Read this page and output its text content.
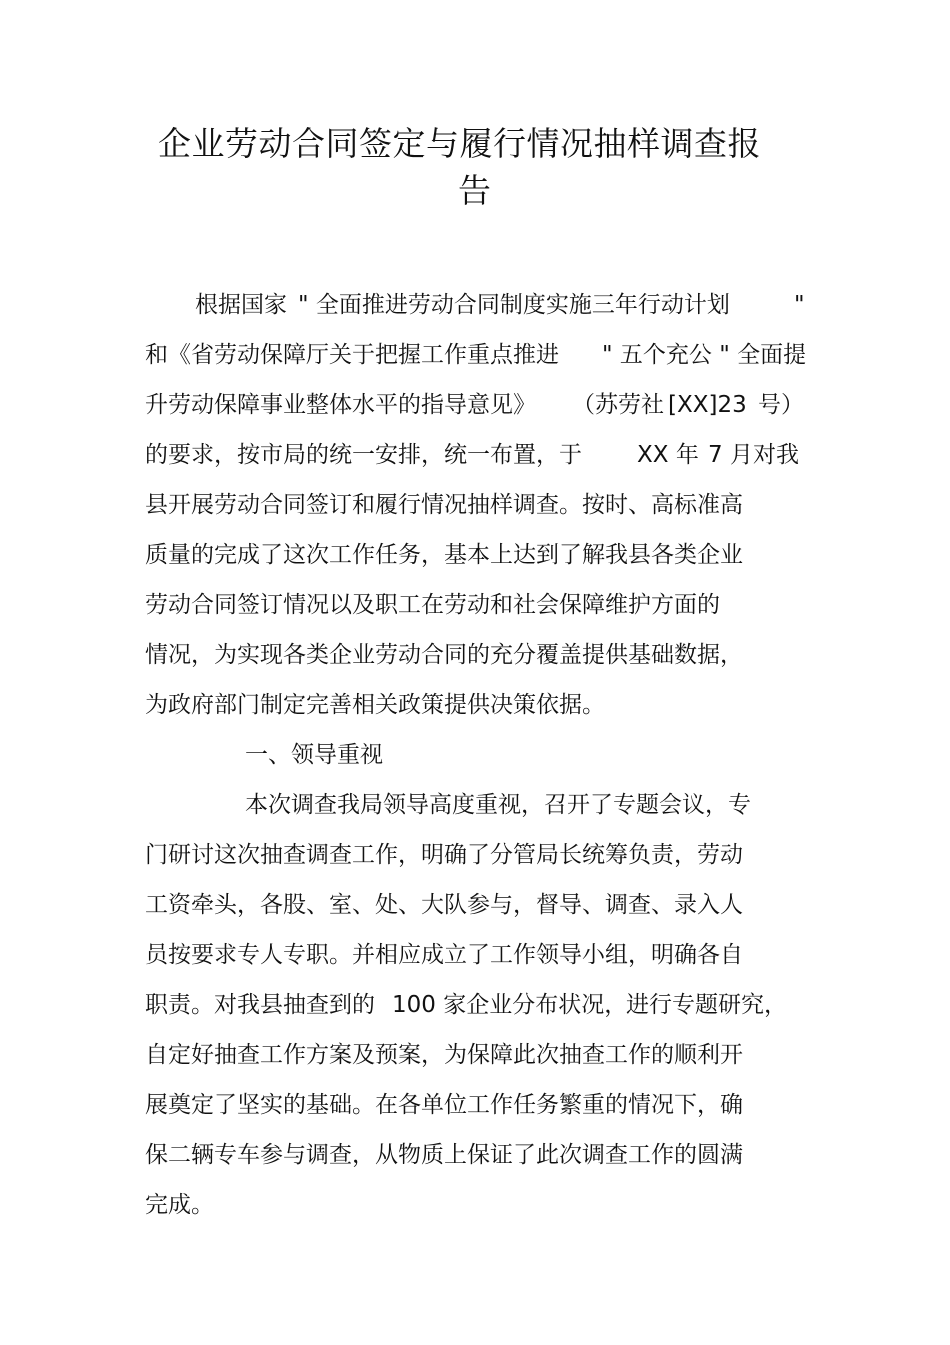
企业劳动合同签定与履行情况抽样调查报
告
根据国家 " 全面推进劳动合同制度实施三年行动计划	"
和《省劳动保障厅关于把握工作重点推进 " 五个充公 " 全面提
升劳动保障事业整体水平的指导意见》 （苏劳社 [XX]23 号）
的要求，按市局的统一安排，统一布置，于 XX 年 7 月对我
县开展劳动合同签订和履行情况抽样调查。按时、高标准高
质量的完成了这次工作任务，基本上达到了解我县各类企业
劳动合同签订情况以及职工在劳动和社会保障维护方面的
情况，为实现各类企业劳动合同的充分覆盖提供基础数据，
为政府部门制定完善相关政策提供决策依据。
一、领导重视
本次调查我局领导高度重视，召开了专题会议，专
门研讨这次抽查调查工作，明确了分管局长统筹负责，劳动
工资牵头，各股、室、处、大队参与，督导、调查、录入人
员按要求专人专职。并相应成立了工作领导小组，明确各自
职责。对我县抽查到的 100 家企业分布状况，
进行专题研究，
自定好抽查工作方案及预案，为保障此次抽查工作的顺利开
展奠定了坚实的基础。在各单位工作任务繁重的情况下，确
保二辆专车参与调查，从物质上保证了此次调查工作的圆满
完成。
